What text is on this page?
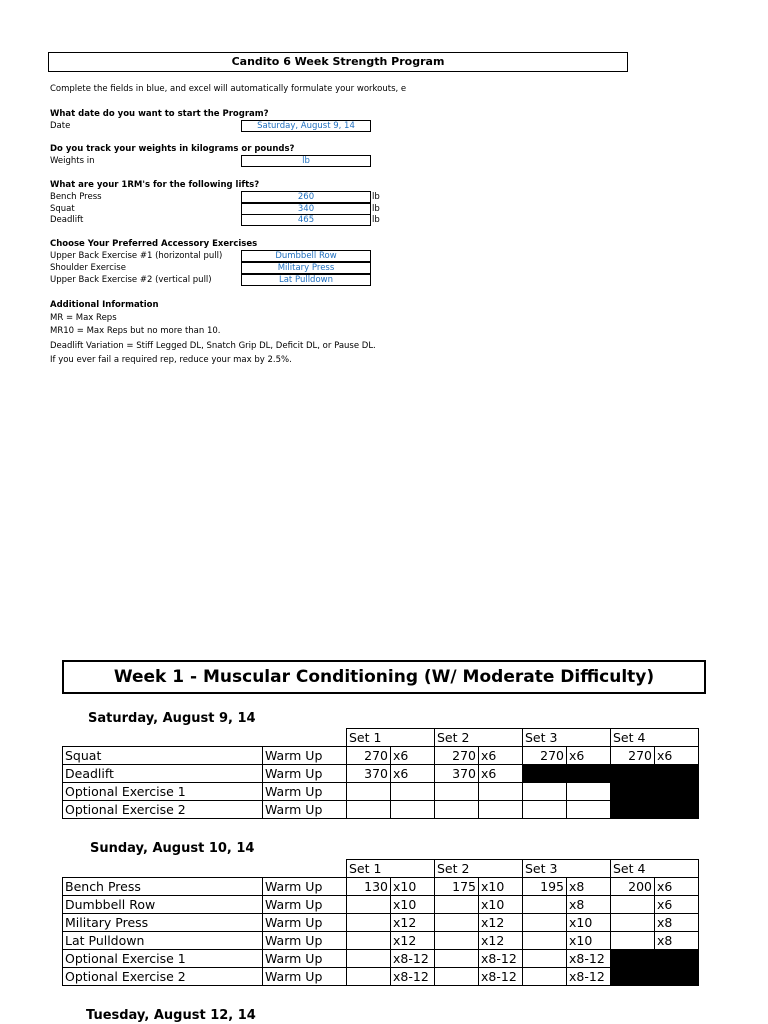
Candito 6 Week Strength Program
Complete the fields in blue, and excel will automatically formulate your workouts, e
What date do you want to start the Program?
Date	Saturday, August 9, 14
Do you track your weights in kilograms or pounds?
Weights in	lb
What are your 1RM's for the following lifts?
Bench Press	260	lb
Squat	340	lb
Deadlift	465	lb
Choose Your Preferred Accessory Exercises
Upper Back Exercise #1 (horizontal pull)	Dumbbell Row
Shoulder Exercise	Military Press
Upper Back Exercise #2 (vertical pull)	Lat Pulldown
Additional Information
MR = Max Reps
MR10 = Max Reps but no more than 10.
Deadlift Variation = Stiff Legged DL, Snatch Grip DL, Deficit DL, or Pause DL.
If you ever fail a required rep, reduce your max by 2.5%.
Week 1 - Muscular Conditioning (W/ Moderate Difficulty)
Saturday, August 9, 14
Sunday, August 10, 14
Tuesday, August 12, 14
		Set 1		Set 2		Set 3		Set 4	
Squat	Warm Up	270	x6	270	x6	270	x6	270	x6
Deadlift	Warm Up	370	x6	370	x6				
Optional Exercise 1	Warm Up								
Optional Exercise 2	Warm Up								
		Set 1		Set 2		Set 3		Set 4	
Bench Press	Warm Up	130	x10	175	x10	195	x8	200	x6
Dumbbell Row	Warm Up		x10		x10		x8		x6
Military Press	Warm Up		x12		x12		x10		x8
Lat Pulldown	Warm Up		x12		x12		x10		x8
Optional Exercise 1	Warm Up		x8-12		x8-12		x8-12		
Optional Exercise 2	Warm Up		x8-12		x8-12		x8-12		
